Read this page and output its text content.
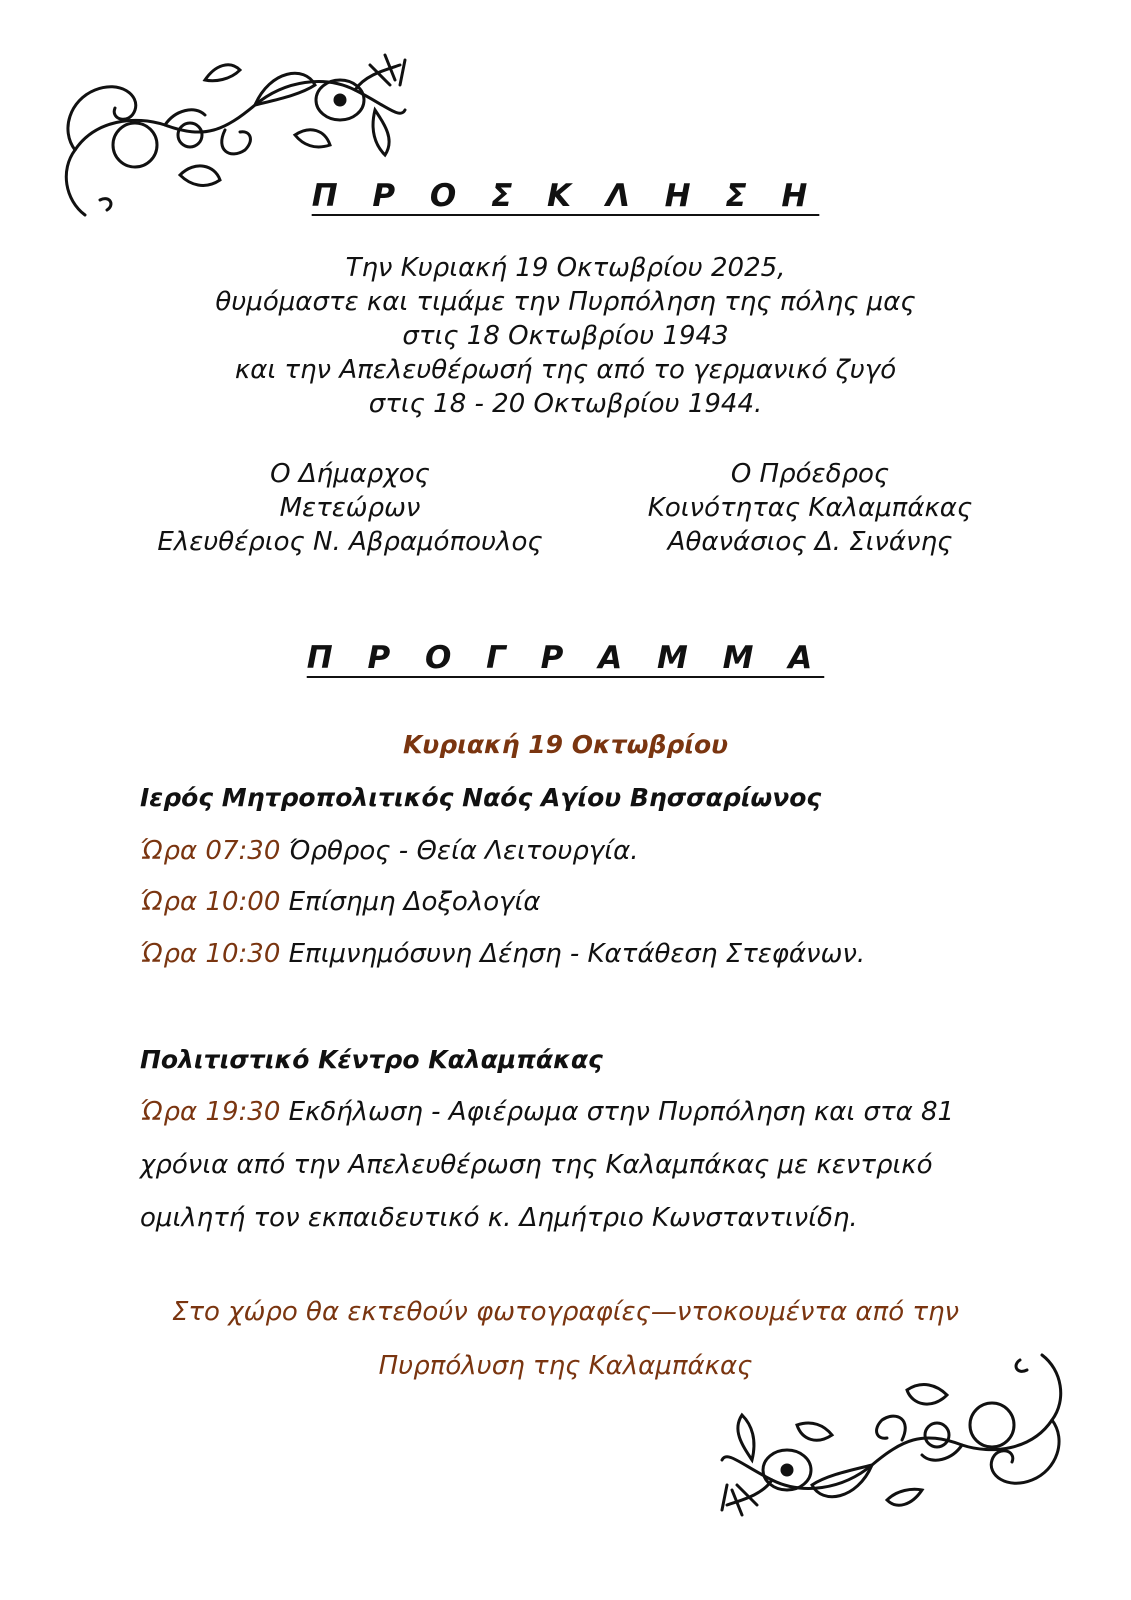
Π Ρ Ο Σ Κ Λ Η Σ Η
Την Κυριακή 19 Οκτωβρίου 2025,
θυμόμαστε και τιμάμε την Πυρπόληση της πόλης μας
στις 18 Οκτωβρίου 1943
και την Απελευθέρωσή της από το γερμανικό ζυγό
στις 18 - 20 Οκτωβρίου 1944.
Ο Δήμαρχος
Μετεώρων
Ελευθέριος Ν. Αβραμόπουλος
Ο Πρόεδρος
Κοινότητας Καλαμπάκας
Αθανάσιος Δ. Σινάνης
Π Ρ Ο Γ Ρ Α Μ Μ Α
Κυριακή 19 Οκτωβρίου
Ιερός Μητροπολιτικός Ναός Αγίου Βησσαρίωνος
Ώρα 07:30 Όρθρος - Θεία Λειτουργία.
Ώρα 10:00 Επίσημη Δοξολογία
Ώρα 10:30 Επιμνημόσυνη Δέηση - Κατάθεση Στεφάνων.
Πολιτιστικό Κέντρο Καλαμπάκας
Ώρα 19:30 Εκδήλωση - Αφιέρωμα στην Πυρπόληση και στα 81
χρόνια από την Απελευθέρωση της Καλαμπάκας με κεντρικό
ομιλητή τον εκπαιδευτικό κ. Δημήτριο Κωνσταντινίδη.
Στο χώρο θα εκτεθούν φωτογραφίες—ντοκουμέντα από την
Πυρπόλυση της Καλαμπάκας
